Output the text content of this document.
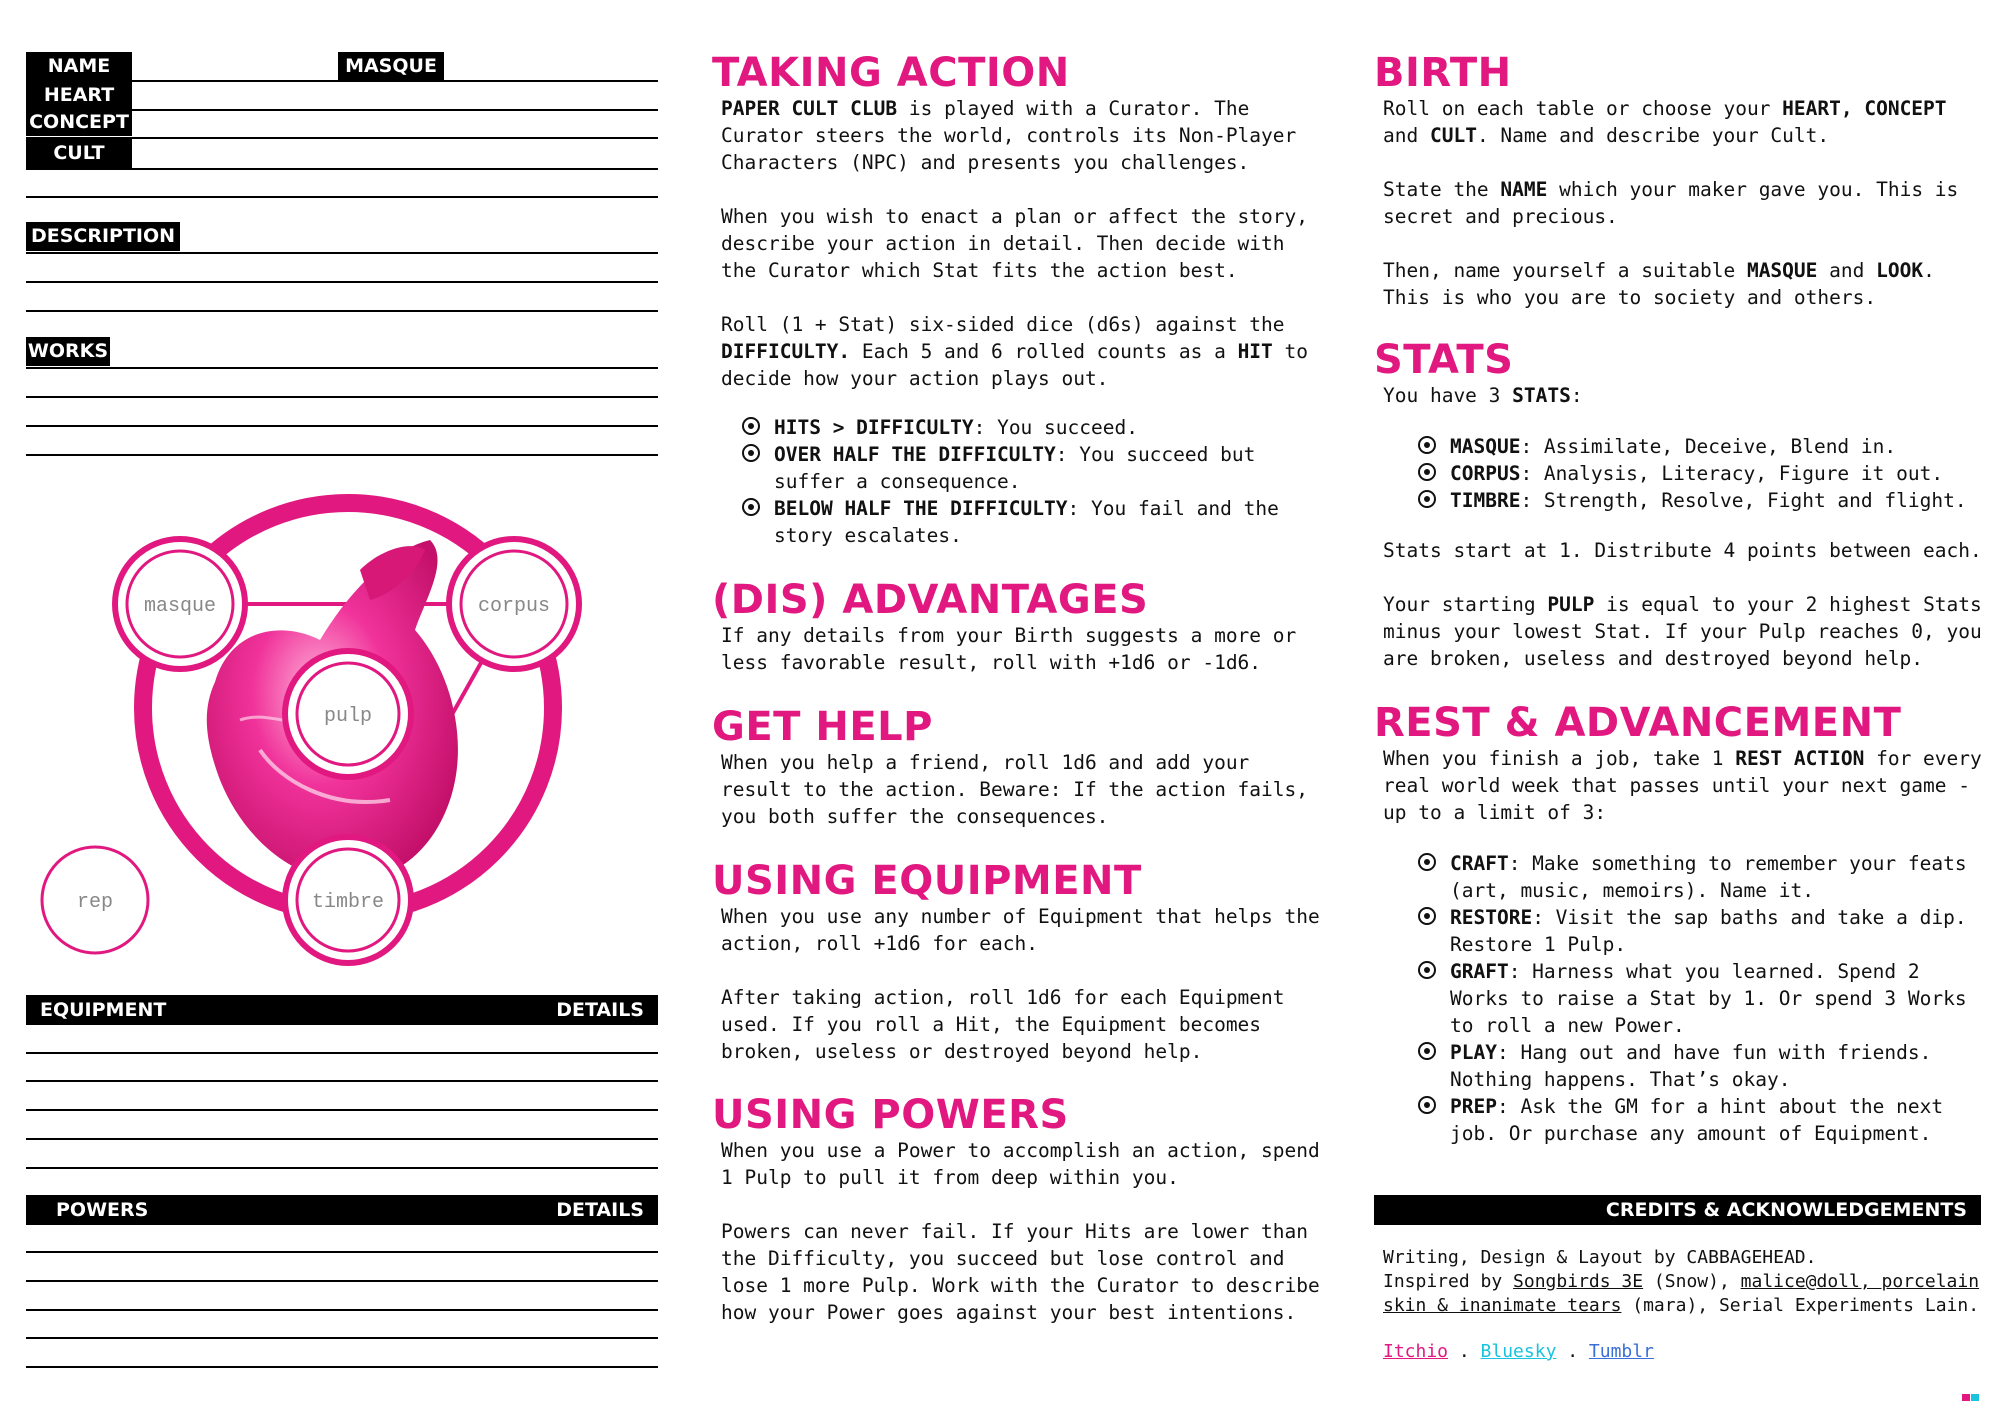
NAME	MASQUE
HEART
CONCEPT
CULT
DESCRIPTION
WORKS
masque	corpus
pulp
timbre
rep
EQUIPMENT	DETAILS
POWERS	DETAILS
TAKING ACTION
PAPER CULT CLUB is played with a Curator. The
Curator steers the world, controls its Non-Player
Characters (NPC) and presents you challenges.
When you wish to enact a plan or affect the story,
describe your action in detail. Then decide with
the Curator which Stat fits the action best.
Roll (1 + Stat) six-sided dice (d6s) against the
DIFFICULTY. Each 5 and 6 rolled counts as a HIT to
decide how your action plays out.
HITS > DIFFICULTY: You succeed.
OVER HALF THE DIFFICULTY: You succeed but
suffer a consequence.
BELOW HALF THE DIFFICULTY: You fail and the
story escalates.
(DIS) ADVANTAGES
If any details from your Birth suggests a more or
less favorable result, roll with +1d6 or -1d6.
GET HELP
When you help a friend, roll 1d6 and add your
result to the action. Beware: If the action fails,
you both suffer the consequences.
USING EQUIPMENT
When you use any number of Equipment that helps the
action, roll +1d6 for each.

After taking action, roll 1d6 for each Equipment
used. If you roll a Hit, the Equipment becomes
broken, useless or destroyed beyond help.
USING POWERS
When you use a Power to accomplish an action, spend
1 Pulp to pull it from deep within you.

Powers can never fail. If your Hits are lower than
the Difficulty, you succeed but lose control and
lose 1 more Pulp. Work with the Curator to describe
how your Power goes against your best intentions.
BIRTH
Roll on each table or choose your HEART, CONCEPT
and CULT. Name and describe your Cult.

State the NAME which your maker gave you. This is
secret and precious.

Then, name yourself a suitable MASQUE and LOOK.
This is who you are to society and others.
STATS
You have 3 STATS:
MASQUE: Assimilate, Deceive, Blend in.
CORPUS: Analysis, Literacy, Figure it out.
TIMBRE: Strength, Resolve, Fight and flight.
Stats start at 1. Distribute 4 points between each.

Your starting PULP is equal to your 2 highest Stats
minus your lowest Stat. If your Pulp reaches 0, you
are broken, useless and destroyed beyond help.
REST & ADVANCEMENT
When you finish a job, take 1 REST ACTION for every
real world week that passes until your next game -
up to a limit of 3:
CRAFT: Make something to remember your feats
(art, music, memoirs). Name it.
RESTORE: Visit the sap baths and take a dip.
Restore 1 Pulp.
GRAFT: Harness what you learned. Spend 2
Works to raise a Stat by 1. Or spend 3 Works
to roll a new Power.
PLAY: Hang out and have fun with friends.
Nothing happens. That’s okay.
PREP: Ask the GM for a hint about the next
job. Or purchase any amount of Equipment.
CREDITS & ACKNOWLEDGEMENTS
Writing, Design & Layout by CABBAGEHEAD.
Inspired by Songbirds 3E (Snow), malice@doll, porcelain
skin & inanimate tears (mara), Serial Experiments Lain.
Itchio . Bluesky . Tumblr
